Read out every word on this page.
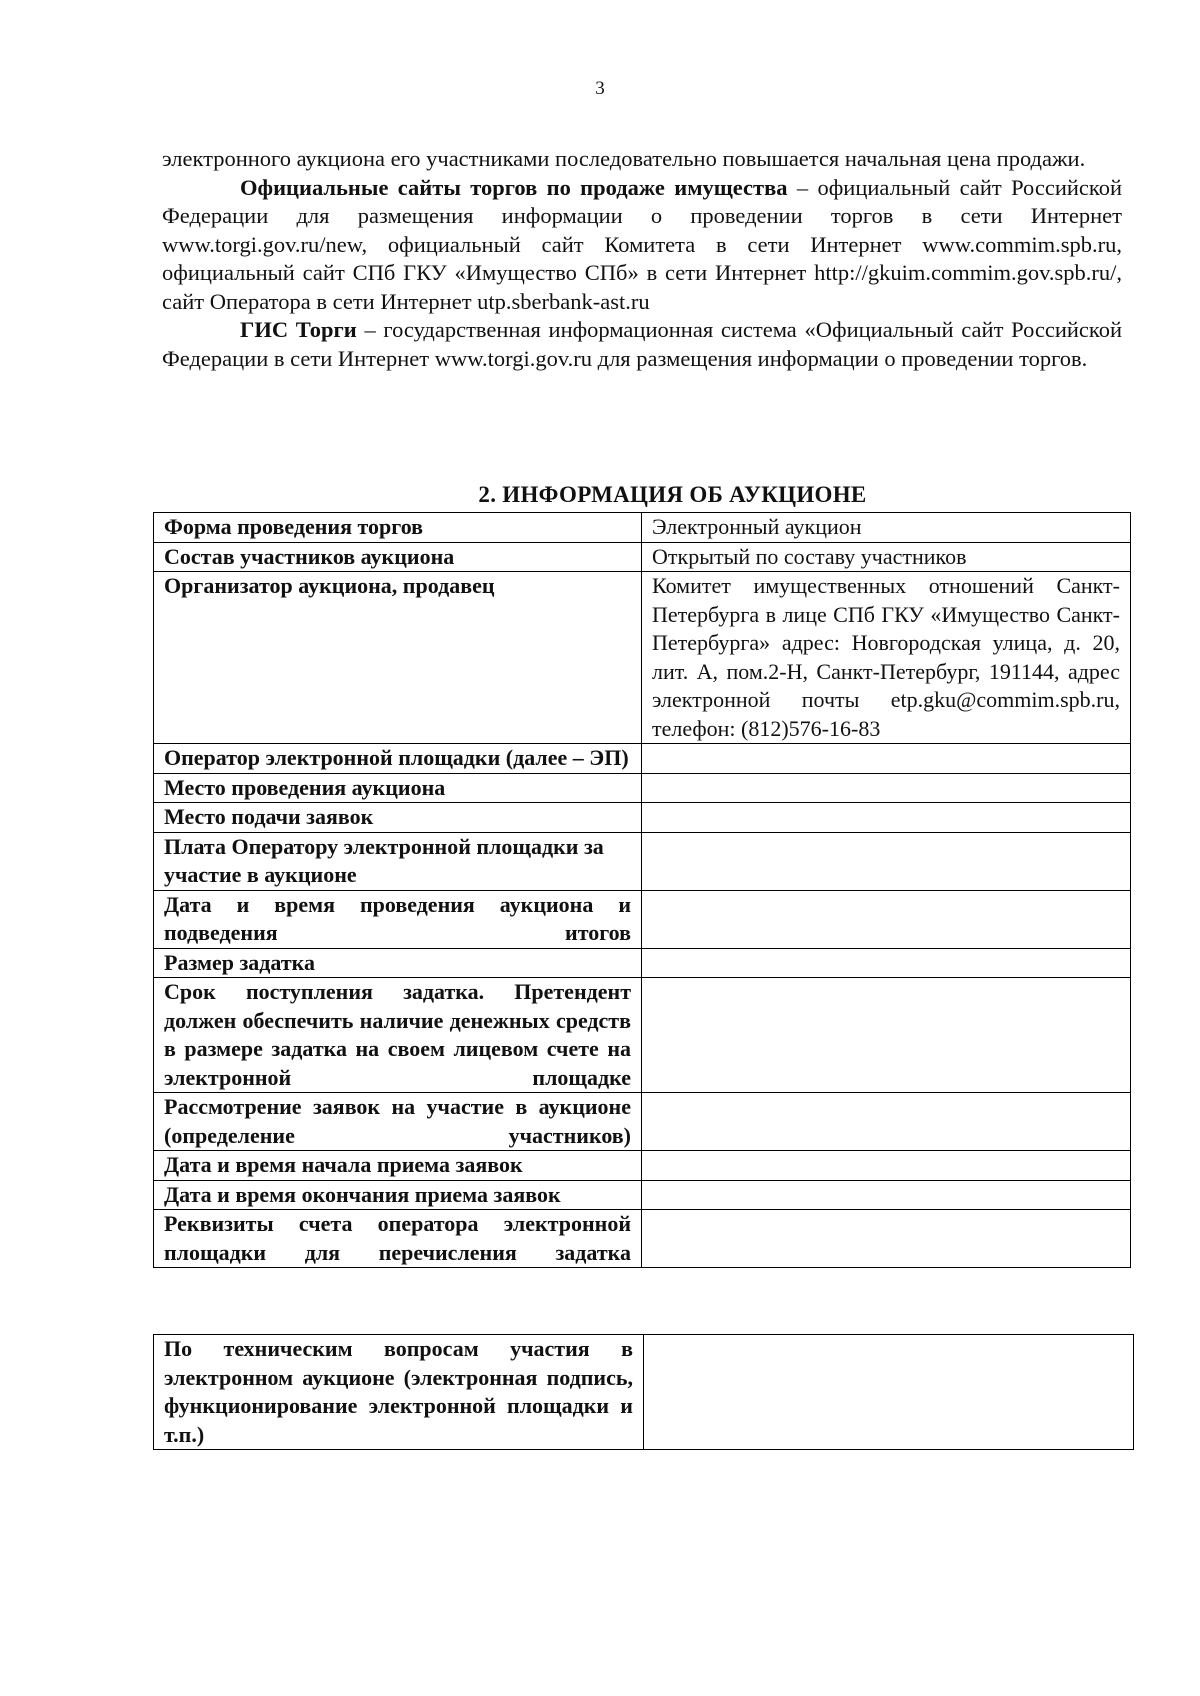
3

электронного аукциона его участниками последовательно повышается начальная цена продажи.

Официальные сайты торгов по продаже имущества – официальный сайт Российской Федерации для размещения информации о проведении торгов в сети Интернет www.torgi.gov.ru/new, официальный сайт Комитета в сети Интернет www.commim.spb.ru, официальный сайт СПб ГКУ «Имущество СПб» в сети Интернет http://gkuim.commim.gov.spb.ru/, сайт Оператора в сети Интернет utp.sberbank-ast.ru

ГИС Торги – государственная информационная система «Официальный сайт Российской Федерации в сети Интернет www.torgi.gov.ru для размещения информации о проведении торгов.

2. ИНФОРМАЦИЯ ОБ АУКЦИОНЕ
Форма проведения торгов	Электронный аукцион
Состав участников аукциона	Открытый по составу участников
Организатор аукциона, продавец	Комитет имущественных отношений Санкт-Петербурга в лице СПб ГКУ «Имущество Санкт-Петербурга» адрес: Новгородская улица, д. 20, лит. А, пом.2-Н, Санкт-Петербург, 191144, адрес электронной почты etp.gku@commim.spb.ru, телефон: (812)576-16-83
Оператор электронной площадки (далее – ЭП)	
Место проведения аукциона	
Место подачи заявок	
Плата Оператору электронной площадки за участие в аукционе	
Дата и время проведения аукциона и подведения итогов	
Размер задатка	
Срок поступления задатка. Претендент должен обеспечить наличие денежных средств в размере задатка на своем лицевом счете на электронной площадке	
Рассмотрение заявок на участие в аукционе (определение участников)	
Дата и время начала приема заявок	
Дата и время окончания приема заявок	
Реквизиты счета оператора электронной площадки для перечисления задатка	
По техническим вопросам участия в электронном аукционе (электронная подпись, функционирование электронной площадки и т.п.)	
